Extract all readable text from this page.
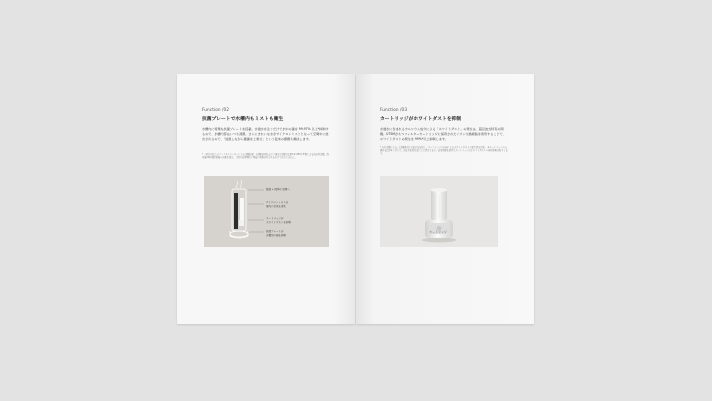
Function /02
抗菌プレートで水槽内もミストも衛生
水槽内に特殊な抗菌プレートを搭載。水道水を注ぐだけで水中の菌を 99.97% 以上*抑制するので、水槽内部はいつも清潔。さらにきれいな水がサイクロンミストとなって空間中に放出されるので、「加湿しながら雑菌を上乗せ」という従来の課題も解決します。
* 一般社団法人カケンテストセンターによる試験結果。[試験菌]黄色ぶどう球菌 [試験方法]JIS Z 2801 準拠による抗菌性試験。静置後24時間経過後の菌数を測定。実際の使用環境で同様の効果が得られるわけではありません。
除菌 + 除臭の空間へ
サイクロンミストが
室内の空気を浄化
カートリッジが
ホワイトダストを抑制
抗菌プレートが
水槽内の菌を抑制
Function /03
カートリッジがホワイトダストを抑制
水道水に含まれるカルシウム成分による「ホワイトダスト」の発生は、超音波式特有の問題。UTSMがもつフィルターカートリッジに採用されたイオン交換樹脂を使用することで、ホワイトダストの発生を 99%*以上抑制します。
* 自社試験による。[試験条件] 水道水を使用し、カートリッジの有無によるホワイトダストの発生量を比較。 ※カートリッジの交換目安は約2ヶ月です。水質や使用状況により異なります。使用期間を過ぎたカートリッジはホワイトダストの抑制効果が低下します。
カートリッジ
